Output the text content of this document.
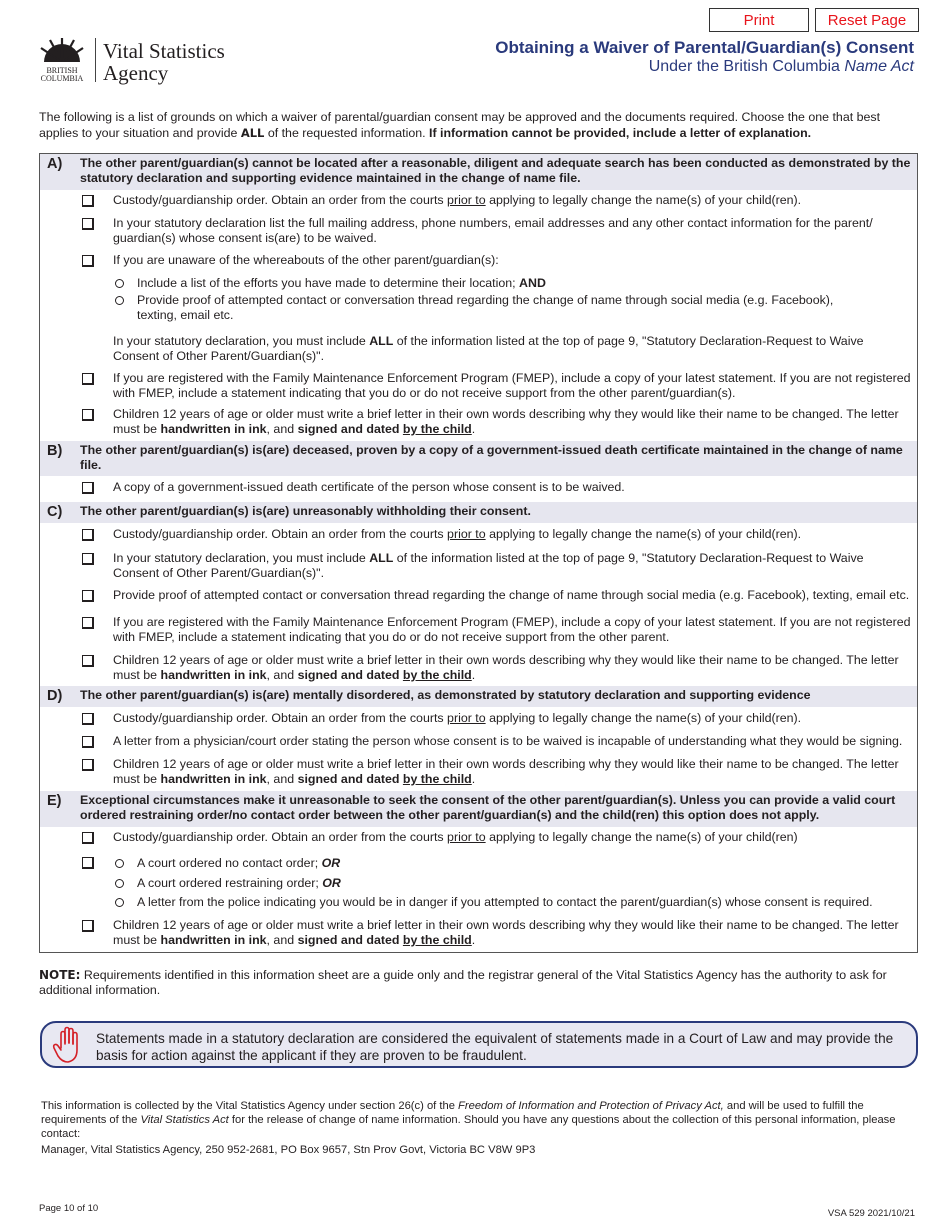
Print	Reset Page
BRITISH
COLUMBIA
Vital Statistics
Agency
Obtaining a Waiver of Parental/Guardian(s) Consent
Under the British Columbia Name Act
The following is a list of grounds on which a waiver of parental/guardian consent may be approved and the documents required. Choose the one that best applies to your situation and provide ALL of the requested information. If information cannot be provided, include a letter of explanation.
A) The other parent/guardian(s) cannot be located after a reasonable, diligent and adequate search has been conducted as demonstrated by the statutory declaration and supporting evidence maintained in the change of name file.
Custody/guardianship order. Obtain an order from the courts prior to applying to legally change the name(s) of your child(ren).
In your statutory declaration list the full mailing address, phone numbers, email addresses and any other contact information for the parent/ guardian(s) whose consent is(are) to be waived.
If you are unaware of the whereabouts of the other parent/guardian(s):
Include a list of the efforts you have made to determine their location; AND
Provide proof of attempted contact or conversation thread regarding the change of name through social media (e.g. Facebook), texting, email etc.
In your statutory declaration, you must include ALL of the information listed at the top of page 9, "Statutory Declaration-Request to Waive Consent of Other Parent/Guardian(s)".
If you are registered with the Family Maintenance Enforcement Program (FMEP), include a copy of your latest statement. If you are not registered with FMEP, include a statement indicating that you do or do not receive support from the other parent/guardian(s).
Children 12 years of age or older must write a brief letter in their own words describing why they would like their name to be changed. The letter must be handwritten in ink, and signed and dated by the child.
B) The other parent/guardian(s) is(are) deceased, proven by a copy of a government-issued death certificate maintained in the change of name file.
A copy of a government-issued death certificate of the person whose consent is to be waived.
C) The other parent/guardian(s) is(are) unreasonably withholding their consent.
Custody/guardianship order. Obtain an order from the courts prior to applying to legally change the name(s) of your child(ren).
In your statutory declaration, you must include ALL of the information listed at the top of page 9, "Statutory Declaration-Request to Waive Consent of Other Parent/Guardian(s)".
Provide proof of attempted contact or conversation thread regarding the change of name through social media (e.g. Facebook), texting, email etc.
If you are registered with the Family Maintenance Enforcement Program (FMEP), include a copy of your latest statement. If you are not registered with FMEP, include a statement indicating that you do or do not receive support from the other parent.
Children 12 years of age or older must write a brief letter in their own words describing why they would like their name to be changed. The letter must be handwritten in ink, and signed and dated by the child.
D) The other parent/guardian(s) is(are) mentally disordered, as demonstrated by statutory declaration and supporting evidence
Custody/guardianship order. Obtain an order from the courts prior to applying to legally change the name(s) of your child(ren).
A letter from a physician/court order stating the person whose consent is to be waived is incapable of understanding what they would be signing.
Children 12 years of age or older must write a brief letter in their own words describing why they would like their name to be changed. The letter must be handwritten in ink, and signed and dated by the child.
E) Exceptional circumstances make it unreasonable to seek the consent of the other parent/guardian(s). Unless you can provide a valid court ordered restraining order/no contact order between the other parent/guardian(s) and the child(ren) this option does not apply.
Custody/guardianship order. Obtain an order from the courts prior to applying to legally change the name(s) of your child(ren)
A court ordered no contact order; OR
A court ordered restraining order; OR
A letter from the police indicating you would be in danger if you attempted to contact the parent/guardian(s) whose consent is required.
Children 12 years of age or older must write a brief letter in their own words describing why they would like their name to be changed. The letter must be handwritten in ink, and signed and dated by the child.
NOTE: Requirements identified in this information sheet are a guide only and the registrar general of the Vital Statistics Agency has the authority to ask for additional information.
Statements made in a statutory declaration are considered the equivalent of statements made in a Court of Law and may provide the basis for action against the applicant if they are proven to be fraudulent.
This information is collected by the Vital Statistics Agency under section 26(c) of the Freedom of Information and Protection of Privacy Act, and will be used to fulfill the requirements of the Vital Statistics Act for the release of change of name information. Should you have any questions about the collection of this personal information, please contact:
Manager, Vital Statistics Agency, 250 952-2681, PO Box 9657, Stn Prov Govt, Victoria BC V8W 9P3
Page 10 of 10	VSA 529 2021/10/21
